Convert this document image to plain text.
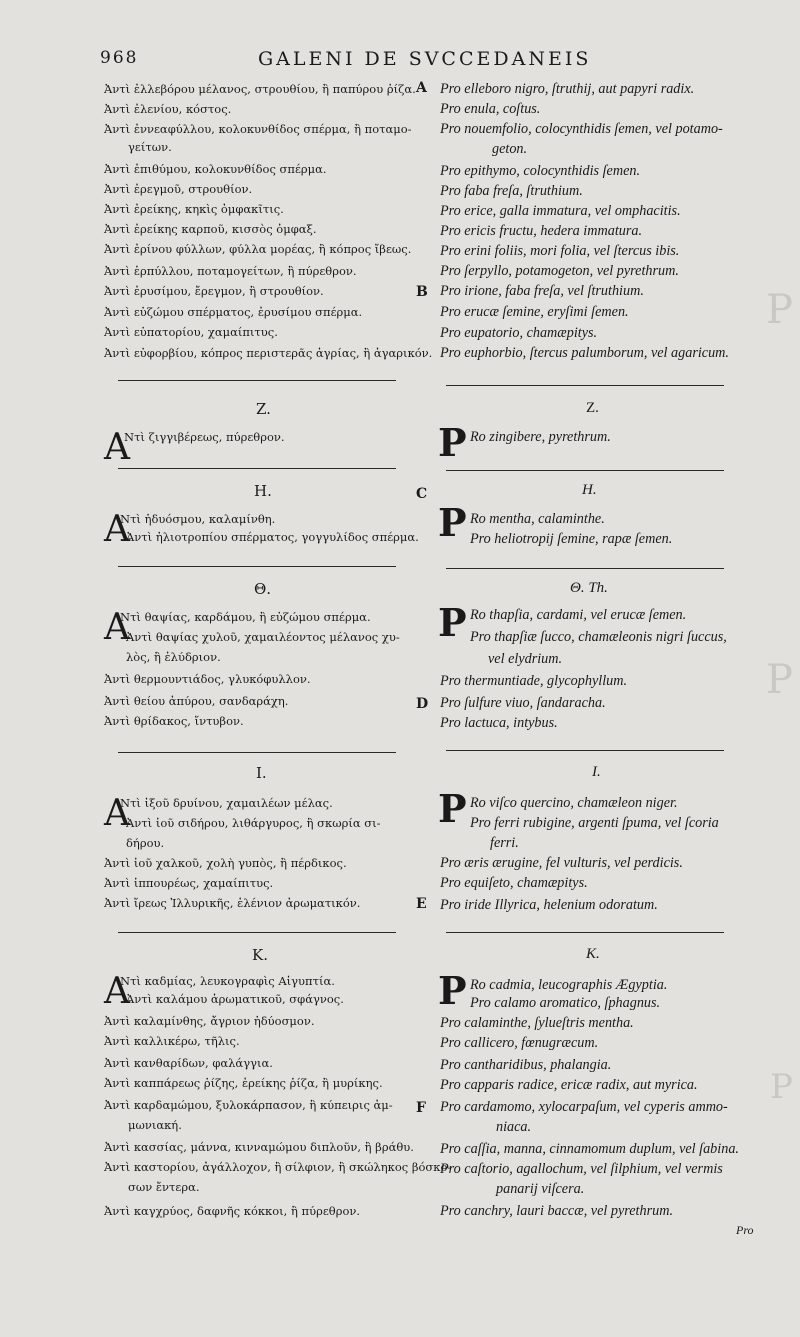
P
P
P
968	GALENI DE SVCCEDANEIS
A
B
C
D
E
F
Ἀντὶ ἐλλεβόρου μέλανος, στρουθίου, ἢ παπύρου ῥίζα.
Ἀντὶ ἐλενίου, κόστος.
Ἀντὶ ἐννεαφύλλου, κολοκυνθίδος σπέρμα, ἢ ποταμο-
γείτων.
Ἀντὶ ἐπιθύμου, κολοκυνθίδος σπέρμα.
Ἀντὶ ἐρεγμοῦ, στρουθίον.
Ἀντὶ ἐρείκης, κηκὶς ὀμφακῖτις.
Ἀντὶ ἐρείκης καρποῦ, κισσὸς ὀμφαξ.
Ἀντὶ ἐρίνου φύλλων, φύλλα μορέας, ἢ κόπρος ἴβεως.
Ἀντὶ ἑρπύλλου, ποταμογείτων, ἢ πύρεθρον.
Ἀντὶ ἐρυσίμου, ἔρεγμον, ἢ στρουθίον.
Ἀντὶ εὐζώμου σπέρματος, ἐρυσίμου σπέρμα.
Ἀντὶ εὐπατορίου, χαμαίπιτυς.
Ἀντὶ εὐφορβίου, κόπρος περιστερᾶς ἀγρίας, ἢ ἀγαρικόν.
Z.
A
Ντὶ ζιγγιβέρεως, πύρεθρον.
H.
A
Ντὶ ἡδυόσμου, καλαμίνθη.
Ἀντὶ ἡλιοτροπίου σπέρματος, γογγυλίδος σπέρμα.
Θ.
A
Ντὶ θαψίας, καρδάμου, ἢ εὐζώμου σπέρμα.
Ἀντὶ θαψίας χυλοῦ, χαμαιλέοντος μέλανος χυ-
λὸς, ἢ ἐλύδριον.
Ἀντὶ θερμουντιάδος, γλυκόφυλλον.
Ἀντὶ θείου ἀπύρου, σανδαράχη.
Ἀντὶ θρίδακος, ἴντυβον.
I.
A
Ντὶ ἰξοῦ δρυίνου, χαμαιλέων μέλας.
Ἀντὶ ἰοῦ σιδήρου, λιθάργυρος, ἢ σκωρία σι-
δήρου.
Ἀντὶ ἰοῦ χαλκοῦ, χολὴ γυπὸς, ἢ πέρδικος.
Ἀντὶ ἱππουρέως, χαμαίπιτυς.
Ἀντὶ ἴρεως Ἰλλυρικῆς, ἑλένιον ἀρωματικόν.
K.
A
Ντὶ καδμίας, λευκογραφὶς Αἰγυπτία.
Ἀντὶ καλάμου ἀρωματικοῦ, σφάγνος.
Ἀντὶ καλαμίνθης, ἄγριον ἡδύοσμον.
Ἀντὶ καλλικέρω, τῆλις.
Ἀντὶ κανθαρίδων, φαλάγγια.
Ἀντὶ καππάρεως ῥίζης, ἐρείκης ῥίζα, ἢ μυρίκης.
Ἀντὶ καρδαμώμου, ξυλοκάρπασον, ἢ κύπειρις ἀμ-
μωνιακή.
Ἀντὶ κασσίας, μάννα, κινναμώμου διπλοῦν, ἢ βράθυ.
Ἀντὶ καστορίου, ἀγάλλοχον, ἢ σίλφιον, ἢ σκώληκος βόσκο-
σων ἔντερα.
Ἀντὶ καγχρύος, δαφνῆς κόκκοι, ἢ πύρεθρον.
Pro elleboro nigro, ſtruthij, aut papyri radix.
Pro enula, coſtus.
Pro nouemfolio, colocynthidis ſemen, vel potamo-
geton.
Pro epithymo, colocynthidis ſemen.
Pro faba freſa, ſtruthium.
Pro erice, galla immatura, vel omphacitis.
Pro ericis fructu, hedera immatura.
Pro erini foliis, mori folia, vel ſtercus ibis.
Pro ſerpyllo, potamogeton, vel pyrethrum.
Pro irione, faba freſa, vel ſtruthium.
Pro erucæ ſemine, eryſimi ſemen.
Pro eupatorio, chamæpitys.
Pro euphorbio, ſtercus palumborum, vel agaricum.
Z.
Ro zingibere, pyrethrum.
H.
Ro mentha, calaminthe.
Pro heliotropij ſemine, rapæ ſemen.
Θ. Th.
Ro thapſia, cardami, vel erucæ ſemen.
Pro thapſiæ ſucco, chamæleonis nigri ſuccus,
vel elydrium.
Pro thermuntiade, glycophyllum.
Pro ſulfure viuo, ſandaracha.
Pro lactuca, intybus.
I.
Ro viſco quercino, chamæleon niger.
Pro ferri rubigine, argenti ſpuma, vel ſcoria
ferri.
Pro æris ærugine, fel vulturis, vel perdicis.
Pro equiſeto, chamæpitys.
Pro iride Illyrica, helenium odoratum.
K.
Ro cadmia, leucographis Ægyptia.
Pro calamo aromatico, ſphagnus.
Pro calaminthe, ſylueſtris mentha.
Pro callicero, fœnugræcum.
Pro cantharidibus, phalangia.
Pro capparis radice, ericæ radix, aut myrica.
Pro cardamomo, xylocarpaſum, vel cyperis ammo-
niaca.
Pro caſſia, manna, cinnamomum duplum, vel ſabina.
Pro caſtorio, agallochum, vel ſilphium, vel vermis
panarij viſcera.
Pro canchry, lauri baccæ, vel pyrethrum.
Pro
P
P
P
P
P
